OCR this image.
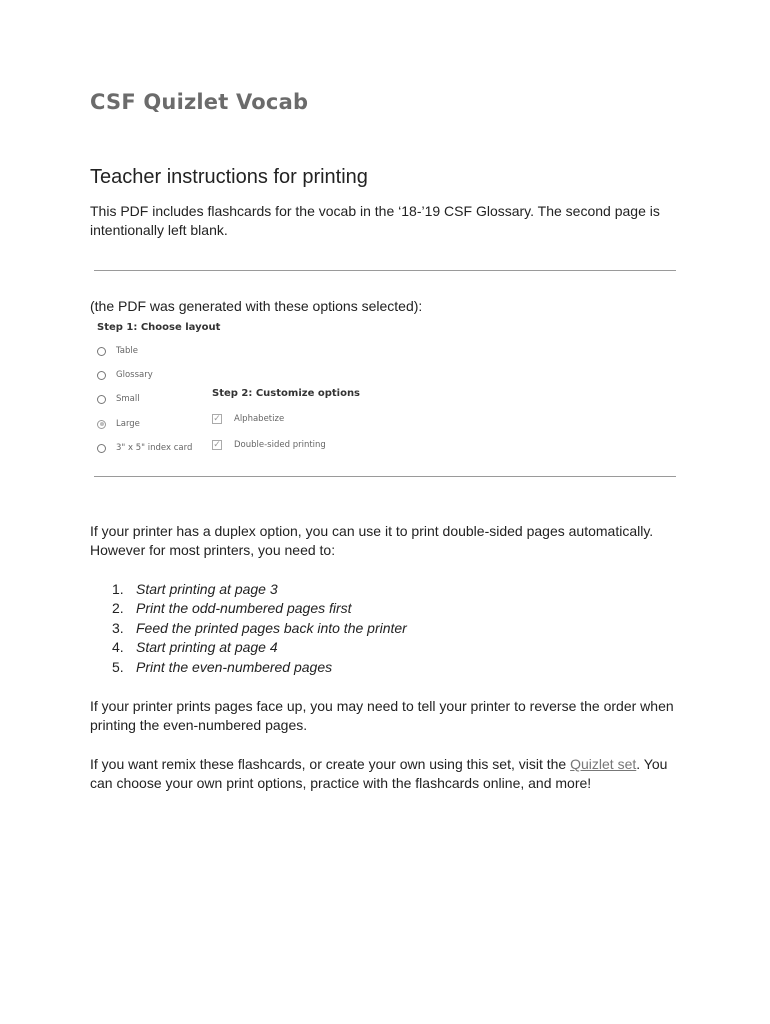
CSF Quizlet Vocab
Teacher instructions for printing
This PDF includes flashcards for the vocab in the ‘18-’19 CSF Glossary. The second page is intentionally left blank.
(the PDF was generated with these options selected):
Step 1: Choose layout
Table
Glossary
Small
Large
3" x 5" index card
Step 2: Customize options
✓ Alphabetize
✓ Double-sided printing
If your printer has a duplex option, you can use it to print double-sided pages automatically. However for most printers, you need to:
1. Start printing at page 3
2. Print the odd-numbered pages first
3. Feed the printed pages back into the printer
4. Start printing at page 4
5. Print the even-numbered pages
If your printer prints pages face up, you may need to tell your printer to reverse the order when printing the even-numbered pages.
If you want remix these flashcards, or create your own using this set, visit the Quizlet set. You can choose your own print options, practice with the flashcards online, and more!
